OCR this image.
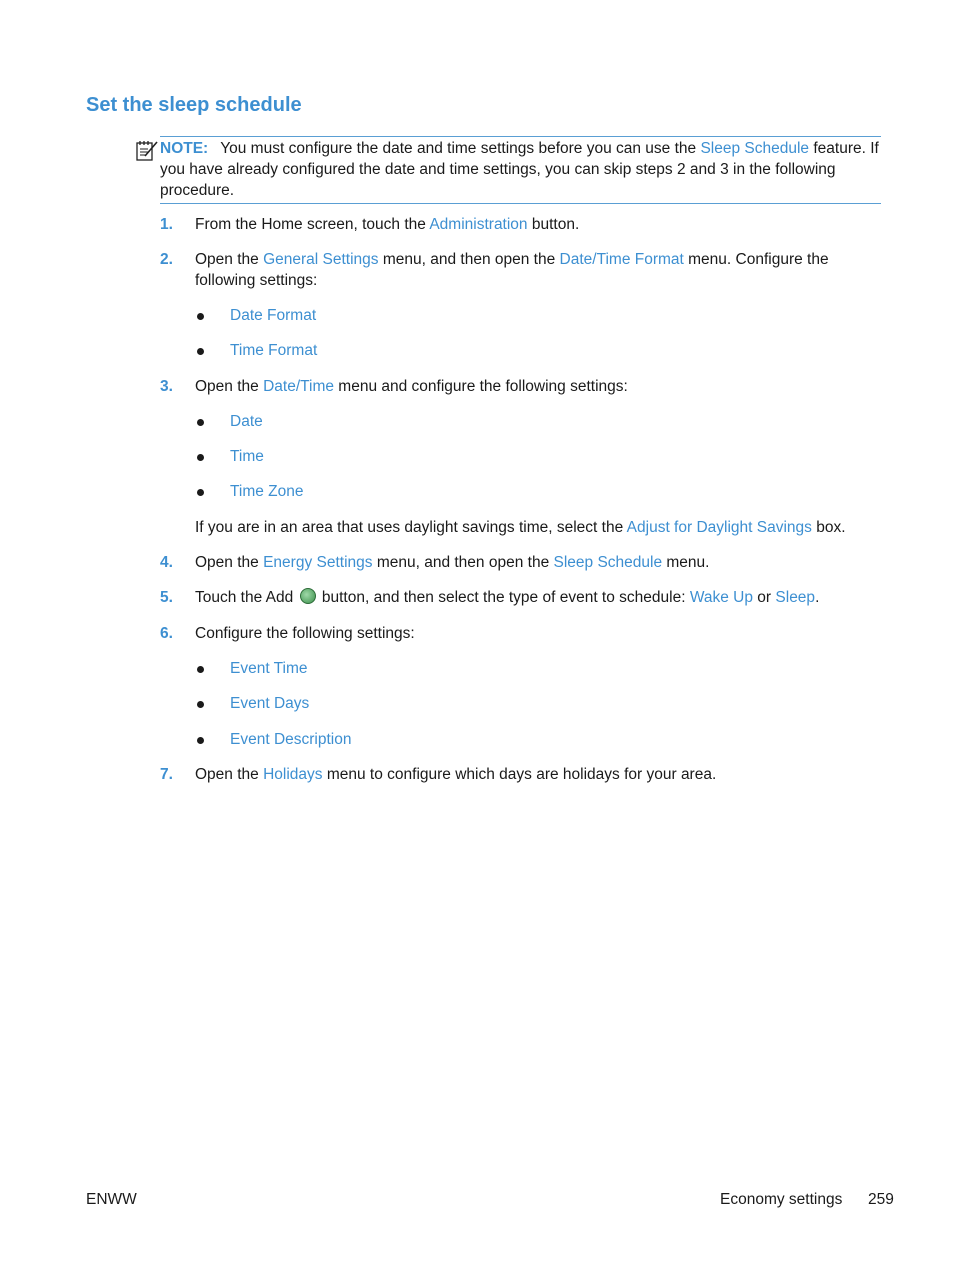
Set the sleep schedule
NOTE: You must configure the date and time settings before you can use the Sleep Schedule feature. If you have already configured the date and time settings, you can skip steps 2 and 3 in the following procedure.
1. From the Home screen, touch the Administration button.
2. Open the General Settings menu, and then open the Date/Time Format menu. Configure the
following settings:
Date Format
Time Format
3. Open the Date/Time menu and configure the following settings:
Date
Time
Time Zone
If you are in an area that uses daylight savings time, select the Adjust for Daylight Savings box.
4. Open the Energy Settings menu, and then open the Sleep Schedule menu.
5. Touch the Add  button, and then select the type of event to schedule: Wake Up or Sleep.
6. Configure the following settings:
Event Time
Event Days
Event Description
7. Open the Holidays menu to configure which days are holidays for your area.
ENWW	Economy settings 259
